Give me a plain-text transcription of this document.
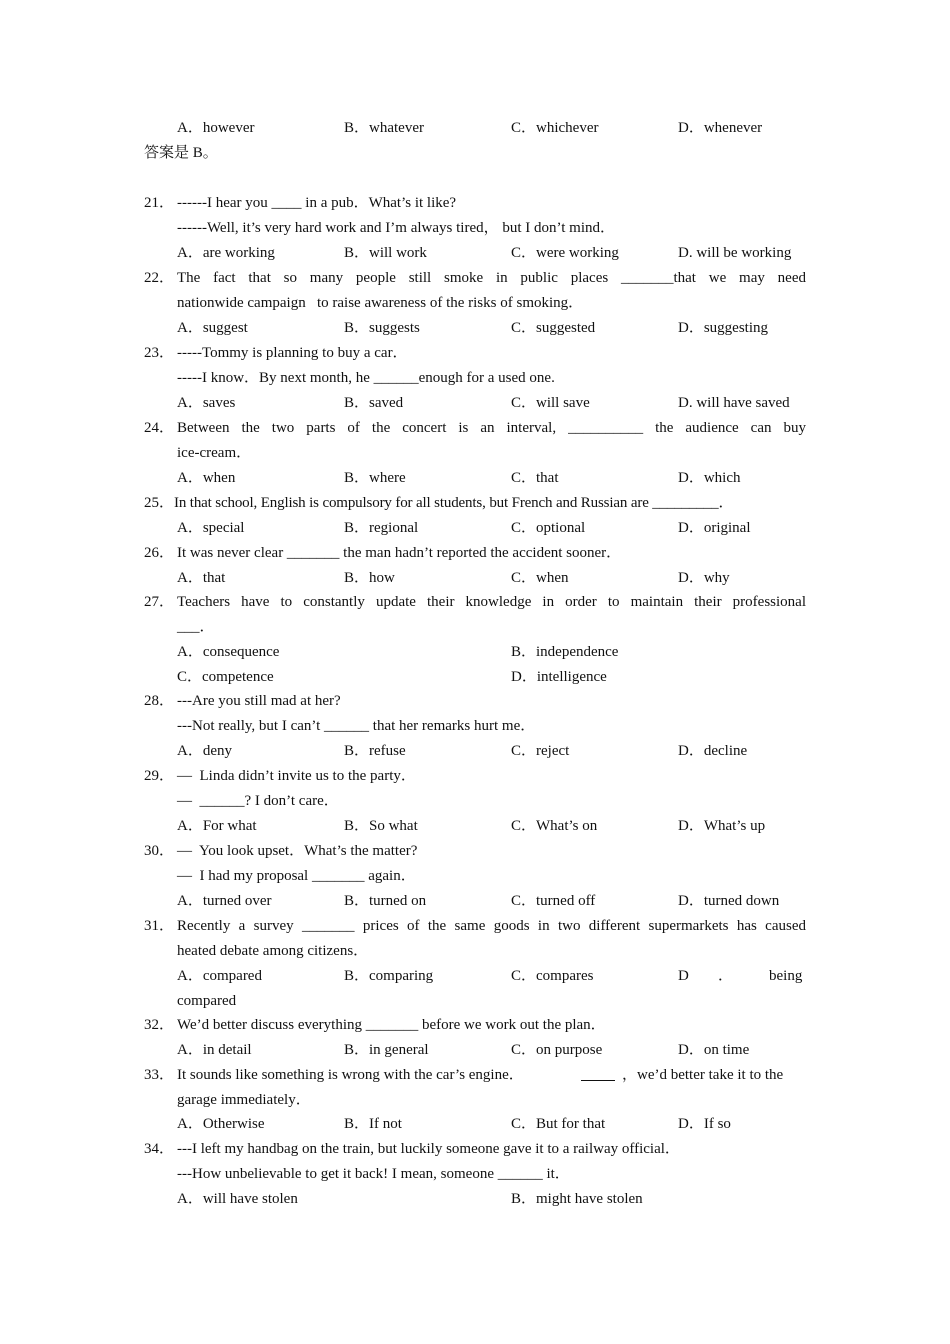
A．however	B．whatever	C．whichever	D．whenever
答案是 B。
21． ------I hear you ____ in a pub．What’s it like?
------Well, it’s very hard work and I’m always tired， but I don’t mind．
A．are working	B．will work	C．were working	D. will be working
22． The fact that so many people still smoke in public places _______that we may need
nationwide campaign   to raise awareness of the risks of smoking．
A．suggest	B．suggests	C．suggested	D．suggesting
23． -----Tommy is planning to buy a car．
-----I know．By next month, he ______enough for a used one.
A．saves	B．saved	C．will save	D. will have saved
24． Between the two parts of the concert is an interval, __________ the audience can buy
ice-cream．
A．when	B．where	C．that	D．which
25． In that school, English is compulsory for all students, but French and Russian are _________．
A．special	B．regional	C．optional	D．original
26． It was never clear _______ the man hadn’t reported the accident sooner．
A．that	B．how	C．when	D．why
27． Teachers have to constantly update their knowledge in order to maintain their professional
___．
A．consequence	B．independence
C．competence	D．intelligence
28． ---Are you still mad at her?
---Not really, but I can’t ______ that her remarks hurt me．
A．deny	B．refuse	C．reject	D．decline
29． —  Linda didn’t invite us to the party．
—  ______? I don’t care．
A．For what	B．So what	C．What’s on	D．What’s up
30． —  You look upset．What’s the matter?
—  I had my proposal _______ again．
A．turned over	B．turned on	C．turned off	D．turned down
31． Recently a survey _______ prices of the same goods in two different supermarkets has caused
heated debate among citizens．
A．compared	B．comparing	C．compares	D ． being
compared
32． We’d better discuss everything _______ before we work out the plan．
A．in detail	B．in general	C．on purpose	D．on time
33． It sounds like something is wrong with the car’s engine．	，we’d better take it to the
garage immediately．
A．Otherwise	B．If not	C．But for that	D．If so
34． ---I left my handbag on the train, but luckily someone gave it to a railway official．
---How unbelievable to get it back! I mean, someone ______ it．
A．will have stolen	B．might have stolen
